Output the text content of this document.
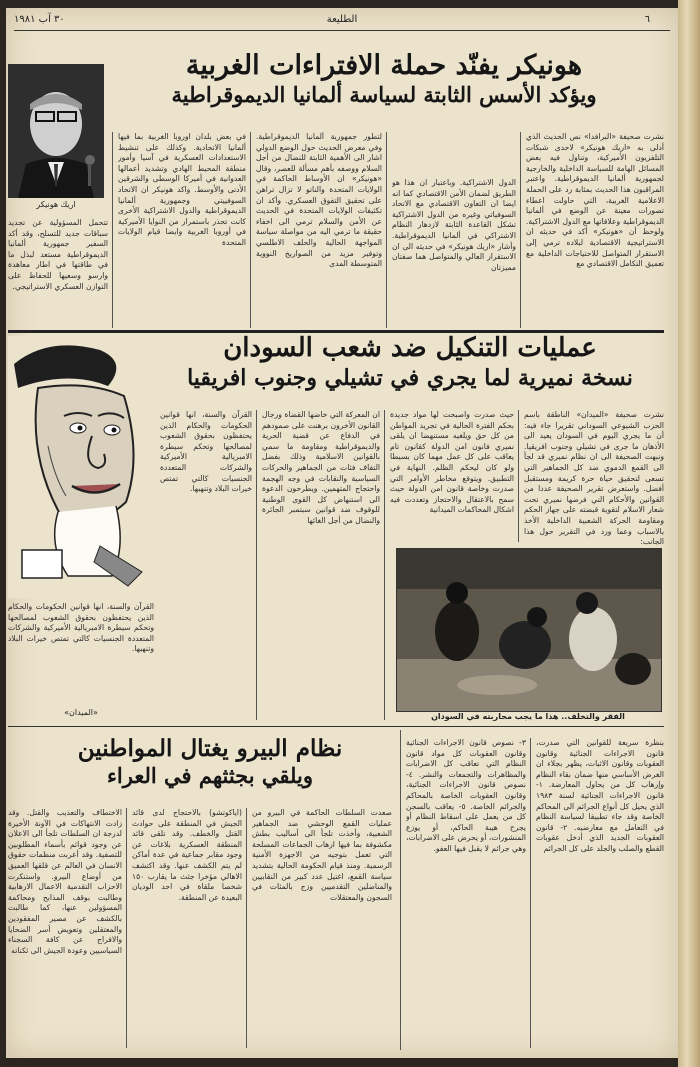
٦
الطليعة
٣٠ آب ١٩٨١
اريك هونيكر
هونيكر يفنّد حملة الافتراءات الغربية
ويؤكد الأسس الثابتة لسياسة ألمانيا الديموقراطية
نشرت صحيفة «البرافدا» نص الحديث الذي أدلى به «اريك هونيكر» لاحدى شبكات التلفزيون الأميركية، وتناول فيه بعض المسائل الهامة للسياسة الداخلية والخارجية لجمهورية ألمانيا الديموقراطية. واعتبر المراقبون هذا الحديث بمثابة رد على الحملة الاعلامية الغربية، التي حاولت اعطاء تصورات معينة عن الوضع في ألمانيا الديموقراطية وعلاقاتها مع الدول الاشتراكية. ولوحظ أن «هونيكر» أكد في حديثه ان الاستراتيجية الاقتصادية لبلاده ترمي إلى الاستقرار المتواصل للاحتياجات الداخلية مع تعميق التكامل الاقتصادي مع
الدول الاشتراكية. وباعتبار ان هذا هو الطريق لضمان الأمن الاقتصادي كما انه ايضا ان التعاون الاقتصادي مع الاتحاد السوفياتي وغيره من الدول الاشتراكية تشكل القاعدة الثابتة لازدهار النظام الاشتراكي في ألمانيا الديموقراطية. وأشار «اريك هونيكر» في حديثه الى ان الاستقرار العالي والمتواصل هما صفتان مميزتان
لتطور جمهورية ألمانيا الديموقراطية. وفي معرض الحديث حول الوضع الدولي اشار الى الأهمية الثابتة للنضال من أجل السلام ووصفه بأهم مسألة للعصر، وقال «هونيكر» ان الأوساط الحاكمة في الولايات المتحدة والناتو لا تزال تراهن على تحقيق التفوق العسكري. وأكد ان تكثيفات الولايات المتحدة في الحديث عن الأمن والسلام ترمي الى اخفاء حقيقة ما ترمي اليه من مواصلة سياسة المواجهة الحالية والحلف الاطلسي وتوفير مزيد من الصواريخ النووية المتوسطة المدى
في بعض بلدان اوروبا الغربية بما فيها ألمانيا الاتحادية. وكذلك على تنشيط الاستعدادات العسكرية في آسيا وأمور منطقة المحيط الهادي وتشديد أعمالها العدوانية في أميركا الوسطى والشرقين الأدنى والأوسط. واكد هونيكر ان الاتحاد السوفييتي وجمهورية ألمانيا الديموقراطية والدول الاشتراكية الأخرى كانت تحذر باستمرار من النوايا الأميركية في أوروبا الغربية وايضا قيام الولايات المتحدة
تتحمل المسؤولية عن تجديد سباقات جديد للتسلح، وقد أكد السفير جمهورية ألمانيا الديموقراطية مستعد لبذل ما في طاقتها في اطار معاهدة وارسو وسعيها للحفاظ على التوازن العسكري الاستراتيجي.
عمليات التنكيل ضد شعب السودان
نسخة نميرية لما يجري في تشيلي وجنوب افريقيا
نشرت صحيفة «الميدان» الناطقة باسم الحزب الشيوعي السوداني تقريرا جاء فيه: أن ما يجري اليوم في السودان يعيد الى الأذهان ما جرى في تشيلي وجنوب افريقيا. ونبهت الصحيفة الى ان نظام نميري قد لجأ الى القمع الدموي ضد كل الجماهير التي تسعى لتحقيق حياة حرة كريمة ومستقبل أفضل. واستعرض تقرير الصحيفة عددا من القوانين والأحكام التي فرضها نميري تحت شعار الاسلام لتقوية قبضته على جهاز الحكم ومقاومة الحركة الشعبية الداخلية الأخذ بالاسباب وعما ورد في التقرير حول هذا الجانب:
حيث صدرت واصبحت لها مواد جديدة بحكم الفترة الحالية في تجريد المواطن من كل حق ويلغيه مستنهضا ان يلقى نميري فانون امن الدولة كقانون تام يعاقب على كل عمل مهما كان بسيطا ولو كان ليحكم الظلم. النهاية في التطبيق. ويتوقع مخاطر الأوامر التي صدرت وخاصة قانون امن الدولة حيث سمح بالاعتقال والاحتجاز وتعددت فيه اشكال المحاكمات الميدانية
ان المعركة التي خاضها القضاة ورجال القانون الأخرون برهنت على صمودهم في الدفاع عن قضية الحرية والديموقراطية ومقاومة ما سمي بالقوانين الاسلامية وذلك بفضل التفاف فئات من الجماهير والحركات السياسية والنقابات في وجه الهجمة واحتجاج المتهمين. ويطرحون الدعوة الى استنهاض كل القوى الوطنية للوقوف ضد قوانين سبتمبر الجائرة والنضال من أجل الغائها
القرآن والسنة، انها قوانين الحكومات والحكام الذين يحتفظون بحقوق الشعوب لمصالحها وتحكم سيطرة الامبريالية الأميركية والشركات المتعددة الجنسيات كالتي تمتص خيرات البلاد وتنهبها.
القرآن والسنة، انها قوانين الحكومات والحكام الذين يحتفظون بحقوق الشعوب لمصالحها وتحكم سيطرة الامبريالية الأميركية والشركات المتعددة الجنسيات كالتي تمتص خيرات البلاد وتنهبها.
«الميدان»	الفقر والتخلف.. هذا ما يجب محاربته في السودان
بنظرة سريعة للقوانين التي صدرت، قانون الاجراءات الجنائية وقانون العقوبات وقانون الاثبات، يظهر بجلاء ان الغرض الأساسي منها ضمان بقاء النظام وإرهاب كل من يحاول المعارضة. ١- قانون الاجراءات الجنائية لسنة ١٩٨٣ الذي يحيل كل أنواع الجرائم الى المحاكم الخاصة وقد جاء تطبيقا لسياسة النظام في التعامل مع معارضيه. ٢- قانون العقوبات الجديد الذي أدخل عقوبات القطع والصلب والجلد على كل الجرائم
٣- نصوص قانون الاجراءات الجنائية وقانون العقوبات كل مواد قانون النظام التي تعاقب كل الاضرابات والمظاهرات والتجمعات والنشر. ٤- نصوص قانون الاجراءات الجنائية، وقانون العقوبات الخاصة بالمحاكم والجرائم الخاصة. ٥- يعاقب بالسجن كل من يعمل على اسقاط النظام أو يجرح هيبة الحاكم، أو يوزع المنشورات، أو يحرض على الاضرابات، وهي جرائم لا يقبل فيها العفو.
نظام البيرو يغتال المواطنين
ويلقي بجثثهم في العراء
صعدت السلطات الحاكمة في البيرو من عمليات القمع الوحشي ضد الجماهير الشعبية، وأخذت تلجأ الى أساليب بطش مكشوفة بما فيها ارهاب الجماعات المسلحة التي تعمل بتوجيه من الاجهزة الأمنية الرسمية. ومنذ قيام الحكومة الحالية بتشديد سياسة القمع، اغتيل عدد كبير من النقابيين والمناضلين التقدميين وزج بالمئات في السجون والمعتقلات
(اياكوتشو) بالاحتجاج لدى قائد الجيش في المنطقة على حوادث القتل والخطف. وقد تلقى قائد المنطقة العسكرية بلاغات عن وجود مقابر جماعية في عدة أماكن لم يتم الكشف عنها. وقد اكتشف الاهالي مؤخرا جثث ما يقارب ١٥٠ شخصا ملقاة في احد الوديان البعيدة عن المنطقة.
الاختطاف والتعذيب والقتل. وقد زادت الانتهاكات في الآونة الأخيرة لدرجة ان السلطات تلجأ الى الاعلان عن وجود قوائم بأسماء المطلوبين للتصفية. وقد أعربت منظمات حقوق الانسان في العالم عن قلقها العميق من أوضاع البيرو. واستنكرت الاحزاب التقدمية الاعمال الارهابية وطالبت بوقف المذابح ومحاكمة المسؤولين عنها، كما طالبت بالكشف عن مصير المفقودين والمعتقلين وتعويض أسر الضحايا والافراج عن كافة السجناء السياسيين وعودة الجيش الى ثكناته
